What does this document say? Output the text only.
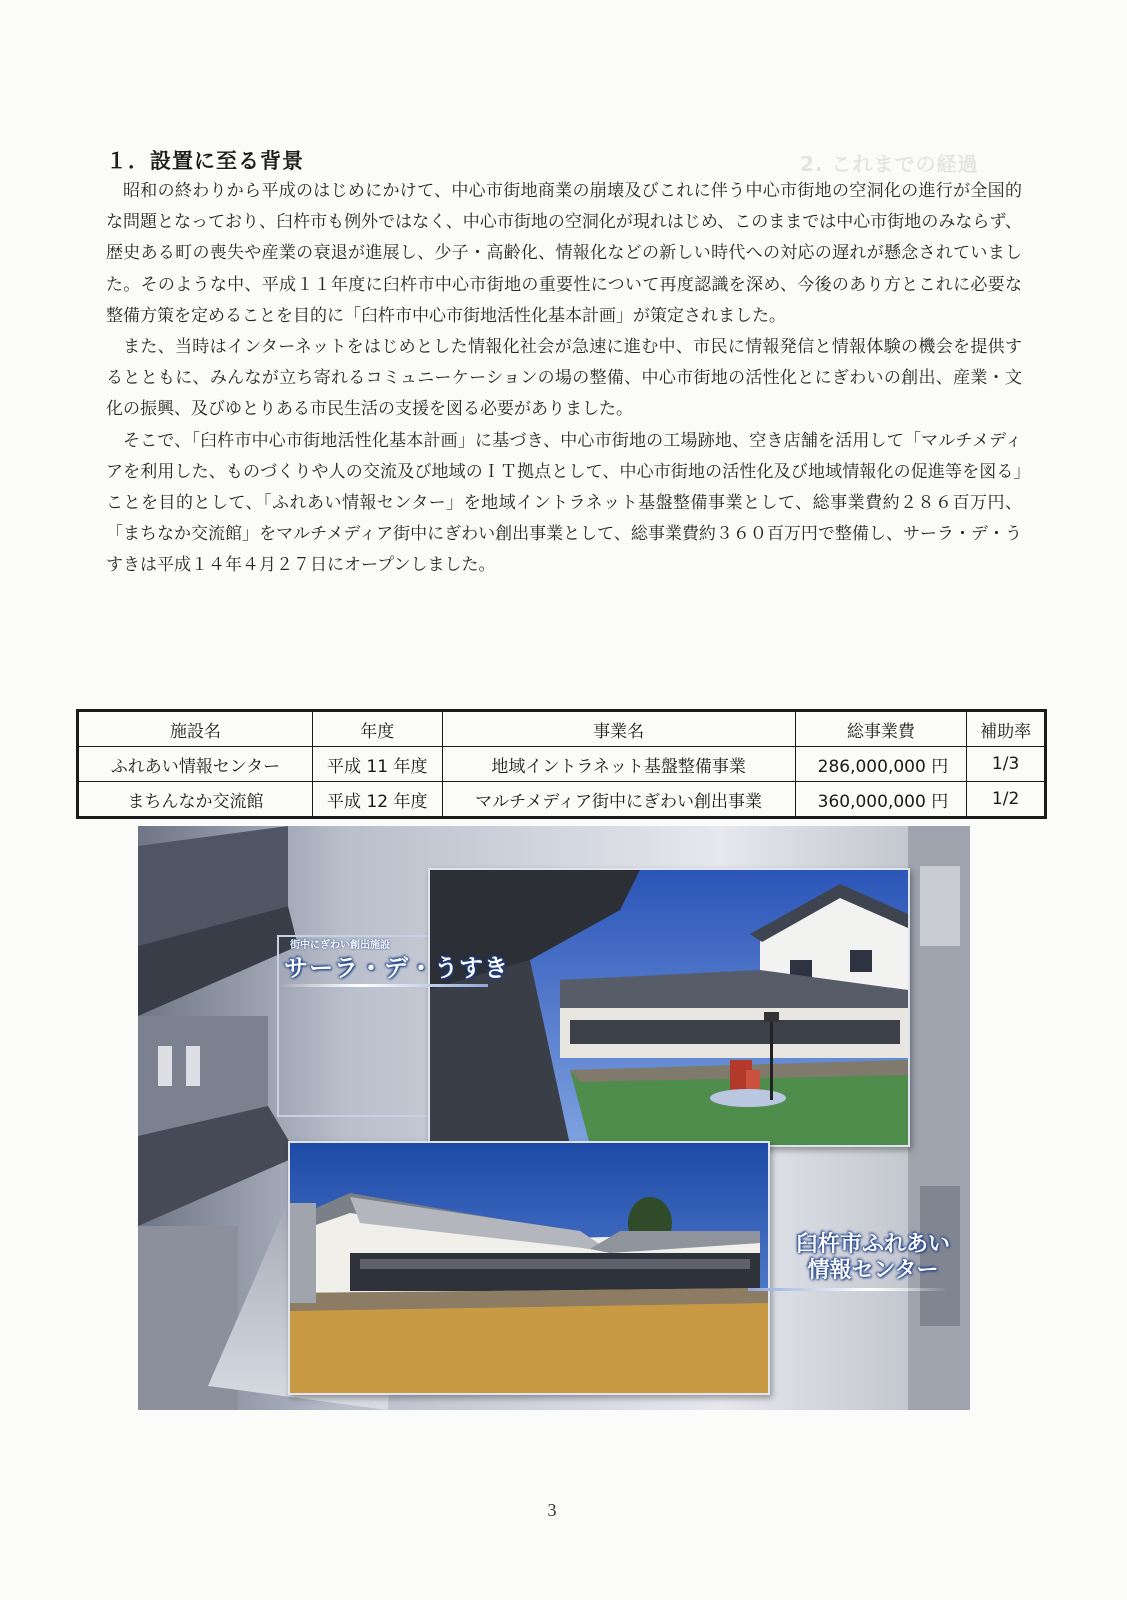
2. これまでの経過
１．設置に至る背景

昭和の終わりから平成のはじめにかけて、中心市街地商業の崩壊及びこれに伴う中心市街地の空洞化の進行が全国的な問題となっており、臼杵市も例外ではなく、中心市街地の空洞化が現れはじめ、このままでは中心市街地のみならず、歴史ある町の喪失や産業の衰退が進展し、少子・高齢化、情報化などの新しい時代への対応の遅れが懸念されていました。そのような中、平成１１年度に臼杵市中心市街地の重要性について再度認識を深め、今後のあり方とこれに必要な整備方策を定めることを目的に「臼杵市中心市街地活性化基本計画」が策定されました。

また、当時はインターネットをはじめとした情報化社会が急速に進む中、市民に情報発信と情報体験の機会を提供するとともに、みんなが立ち寄れるコミュニーケーションの場の整備、中心市街地の活性化とにぎわいの創出、産業・文化の振興、及びゆとりある市民生活の支援を図る必要がありました。

そこで、「臼杵市中心市街地活性化基本計画」に基づき、中心市街地の工場跡地、空き店舗を活用して「マルチメディアを利用した、ものづくりや人の交流及び地域のＩＴ拠点として、中心市街地の活性化及び地域情報化の促進等を図る」ことを目的として、「ふれあい情報センター」を地域イントラネット基盤整備事業として、総事業費約２８６百万円、「まちなか交流館」をマルチメディア街中にぎわい創出事業として、総事業費約３６０百万円で整備し、サーラ・デ・うすきは平成１４年４月２７日にオープンしました。

施設名	年度	事業名	総事業費	補助率
ふれあい情報センター	平成 11 年度	地域イントラネット基盤整備事業	286,000,000 円	1/3
まちんなか交流館	平成 12 年度	マルチメディア街中にぎわい創出事業	360,000,000 円	1/2
街中にぎわい創出施設
サーラ・デ・うすき
臼杵市ふれあい
情報センター
3
